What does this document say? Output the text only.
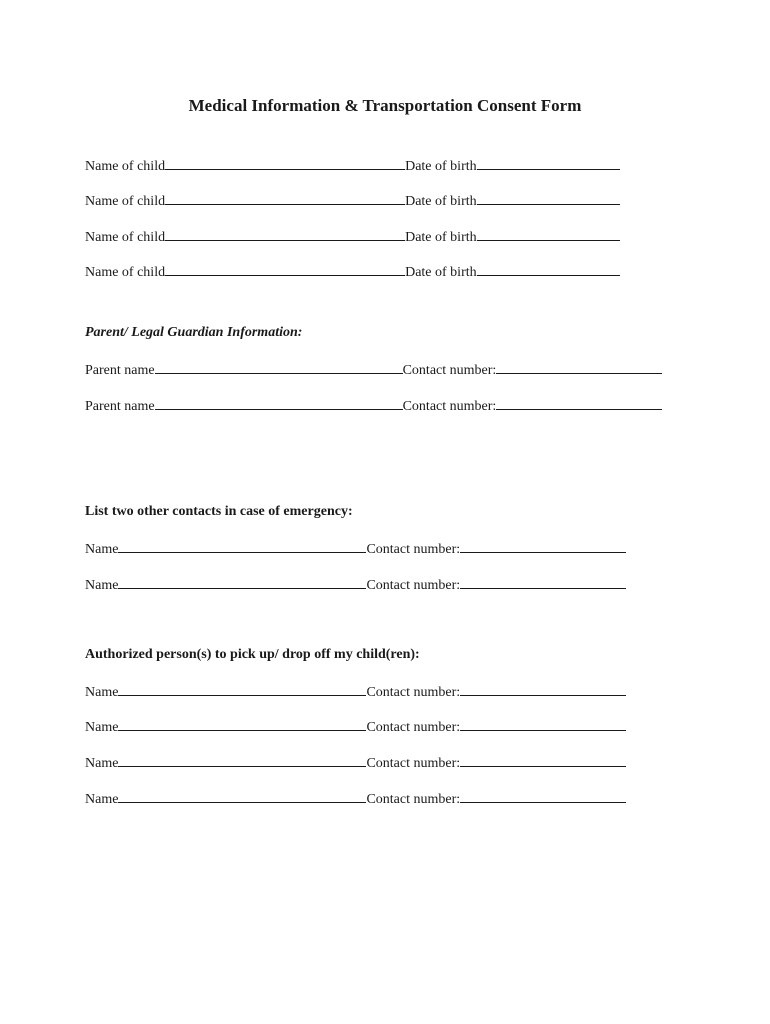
Medical Information & Transportation Consent Form
Name of child	Date of birth
Name of child	Date of birth
Name of child	Date of birth
Name of child	Date of birth
Parent/ Legal Guardian Information:
Parent name	Contact number:
Parent name	Contact number:
List two other contacts in case of emergency:
Name	Contact number:
Name	Contact number:
Authorized person(s) to pick up/ drop off my child(ren):
Name	Contact number:
Name	Contact number:
Name	Contact number:
Name	Contact number:
